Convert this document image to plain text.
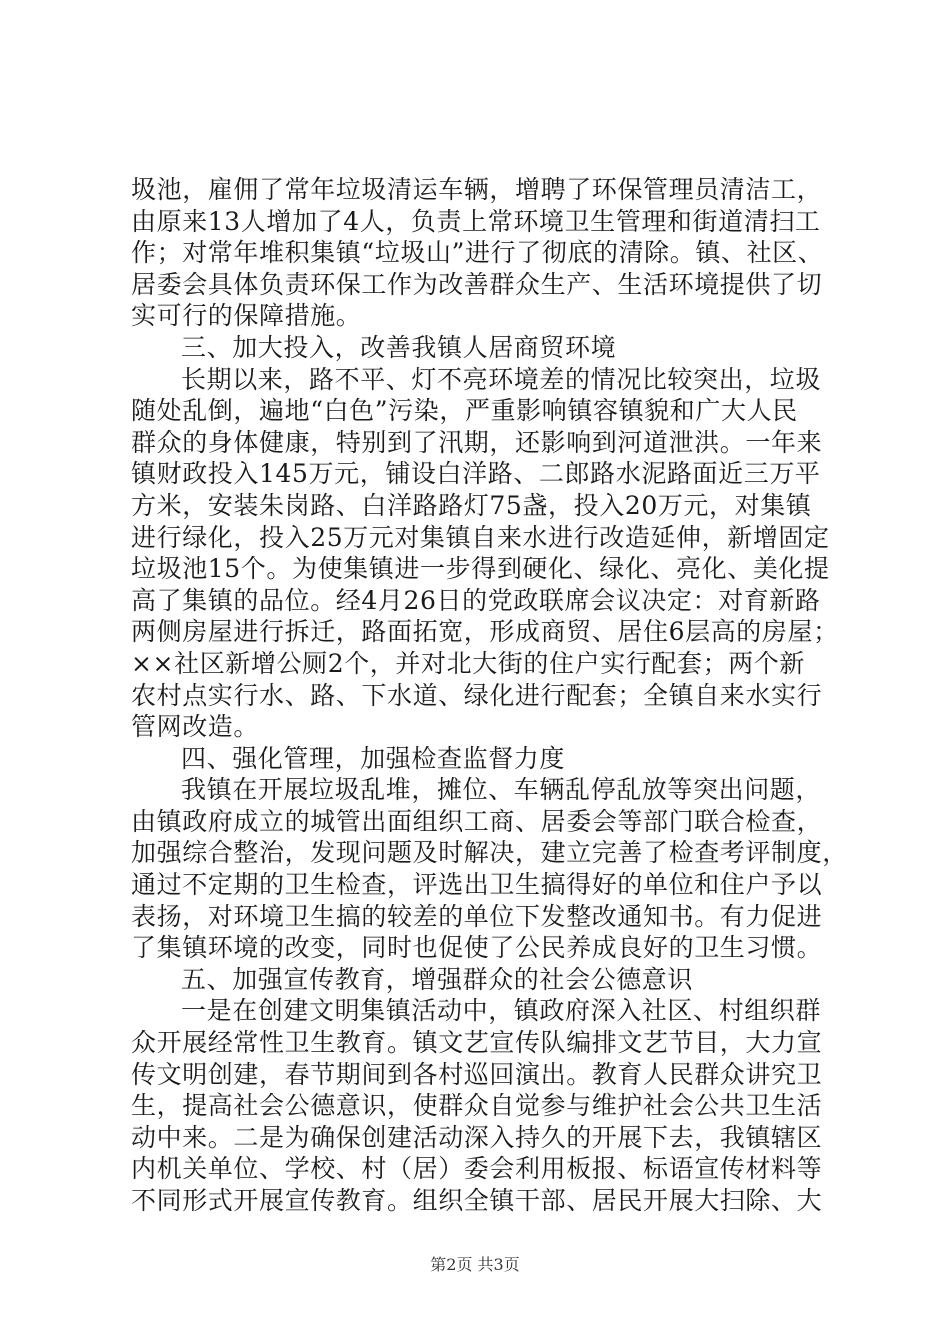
圾池，雇佣了常年垃圾清运车辆，增聘了环保管理员清洁工，
由原来13人增加了4人，负责上常环境卫生管理和街道清扫工
作；对常年堆积集镇“垃圾山”进行了彻底的清除。镇、社区、
居委会具体负责环保工作为改善群众生产、生活环境提供了切
实可行的保障措施。
三、加大投入，改善我镇人居商贸环境
长期以来，路不平、灯不亮环境差的情况比较突出，垃圾
随处乱倒，遍地“白色”污染，严重影响镇容镇貌和广大人民
群众的身体健康，特别到了汛期，还影响到河道泄洪。一年来
镇财政投入145万元，铺设白洋路、二郎路水泥路面近三万平
方米，安装朱岗路、白洋路路灯75盏，投入20万元，对集镇
进行绿化，投入25万元对集镇自来水进行改造延伸，新增固定
垃圾池15个。为使集镇进一步得到硬化、绿化、亮化、美化提
高了集镇的品位。经4月26日的党政联席会议决定：对育新路
两侧房屋进行拆迁，路面拓宽，形成商贸、居住6层高的房屋；
××社区新增公厕2个，并对北大街的住户实行配套；两个新
农村点实行水、路、下水道、绿化进行配套；全镇自来水实行
管网改造。
四、强化管理，加强检查监督力度
我镇在开展垃圾乱堆，摊位、车辆乱停乱放等突出问题，
由镇政府成立的城管出面组织工商、居委会等部门联合检查，
加强综合整治，发现问题及时解决，建立完善了检查考评制度，
通过不定期的卫生检查，评选出卫生搞得好的单位和住户予以
表扬，对环境卫生搞的较差的单位下发整改通知书。有力促进
了集镇环境的改变，同时也促使了公民养成良好的卫生习惯。
五、加强宣传教育，增强群众的社会公德意识
一是在创建文明集镇活动中，镇政府深入社区、村组织群
众开展经常性卫生教育。镇文艺宣传队编排文艺节目，大力宣
传文明创建，春节期间到各村巡回演出。教育人民群众讲究卫
生，提高社会公德意识，使群众自觉参与维护社会公共卫生活
动中来。二是为确保创建活动深入持久的开展下去，我镇辖区
内机关单位、学校、村（居）委会利用板报、标语宣传材料等
不同形式开展宣传教育。组织全镇干部、居民开展大扫除、大
第2页 共3页
